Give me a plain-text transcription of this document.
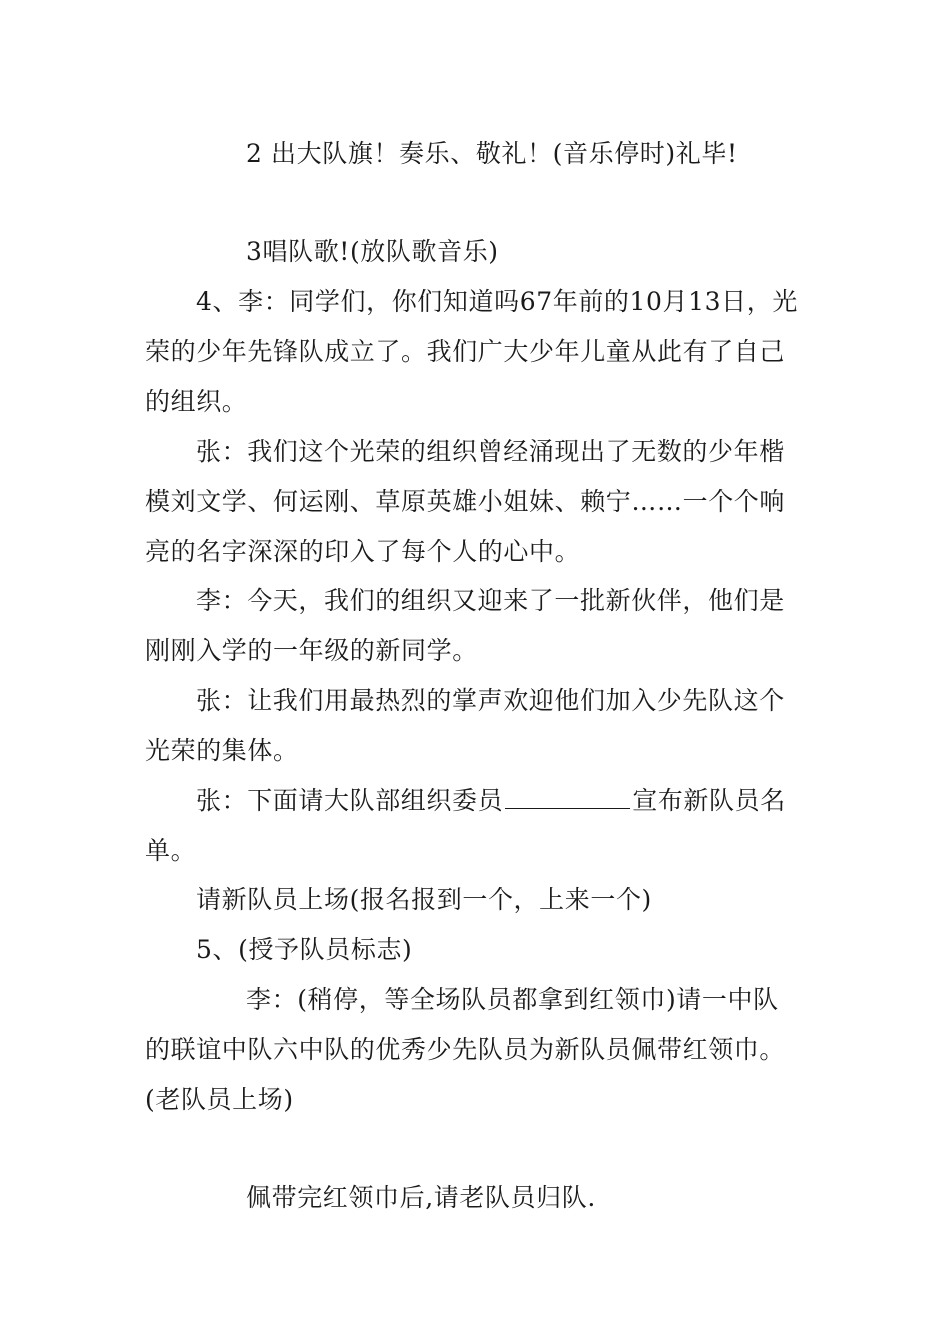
2 出大队旗！奏乐、敬礼！(音乐停时)礼毕!
3唱队歌!(放队歌音乐)
4、李：同学们，你们知道吗67年前的10月13日，光
荣的少年先锋队成立了。我们广大少年儿童从此有了自己
的组织。
张：我们这个光荣的组织曾经涌现出了无数的少年楷
模刘文学、何运刚、草原英雄小姐妹、赖宁……一个个响
亮的名字深深的印入了每个人的心中。
李：今天，我们的组织又迎来了一批新伙伴，他们是
刚刚入学的一年级的新同学。
张：让我们用最热烈的掌声欢迎他们加入少先队这个
光荣的集体。
张：下面请大队部组织委员	宣布新队员名
单。
请新队员上场(报名报到一个，上来一个)
5、(授予队员标志)
李：(稍停，等全场队员都拿到红领巾)请一中队
的联谊中队六中队的优秀少先队员为新队员佩带红领巾。
(老队员上场)
佩带完红领巾后,请老队员归队.
